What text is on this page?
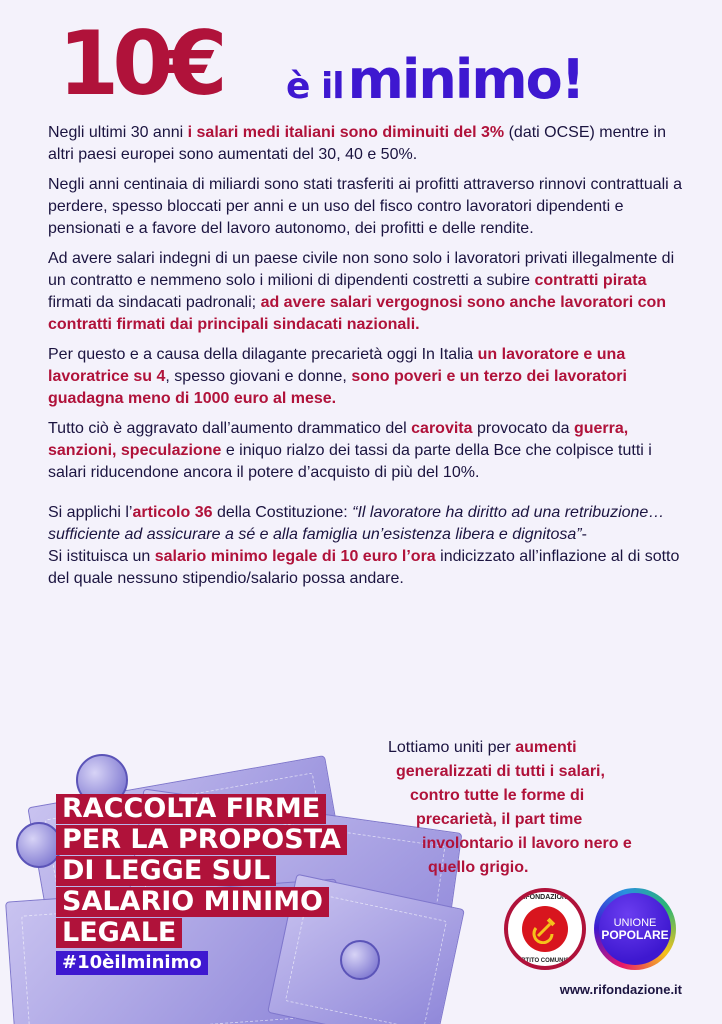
10€ è ilminimo!

Negli ultimi 30 anni i salari medi italiani sono diminuiti del 3% (dati OCSE) mentre in altri paesi europei sono aumentati del 30, 40 e 50%.

Negli anni centinaia di miliardi sono stati trasferiti ai profitti attraverso rinnovi contrattuali a perdere, spesso bloccati per anni e un uso del fisco contro lavoratori dipendenti e pensionati e a favore del lavoro autonomo, dei profitti e delle rendite.

Ad avere salari indegni di un paese civile non sono solo i lavoratori privati illegalmente di un contratto e nemmeno solo i milioni di dipendenti costretti a subire contratti pirata firmati da sindacati padronali; ad avere salari vergognosi sono anche lavoratori con contratti firmati dai principali sindacati nazionali.

Per questo e a causa della dilagante precarietà oggi In Italia un lavoratore e una lavoratrice su 4, spesso giovani e donne, sono poveri e un terzo dei lavoratori guadagna meno di 1000 euro al mese.

Tutto ciò è aggravato dall’aumento drammatico del carovita provocato da guerra, sanzioni, speculazione e iniquo rialzo dei tassi da parte della Bce che colpisce tutti i salari riducendone ancora il potere d’acquisto di più del 10%.

Si applichi l’articolo 36 della Costituzione: “Il lavoratore ha diritto ad una retribuzione… sufficiente ad assicurare a sé e alla famiglia un’esistenza libera e dignitosa”-

Si istituisca un salario minimo legale di 10 euro l’ora indicizzato all’inflazione al di sotto del quale nessuno stipendio/salario possa andare.

RACCOLTA FIRME
PER LA PROPOSTA
DI LEGGE SUL
SALARIO MINIMO
LEGALE
#10èilminimo
Lottiamo uniti per aumenti
generalizzati di tutti i salari,
contro tutte le forme di
precarietà, il part time
involontario il lavoro nero e
quello grigio.
RIFONDAZIONE
PARTITO COMUNISTA
UNIONE
POPOLARE
www.rifondazione.it
